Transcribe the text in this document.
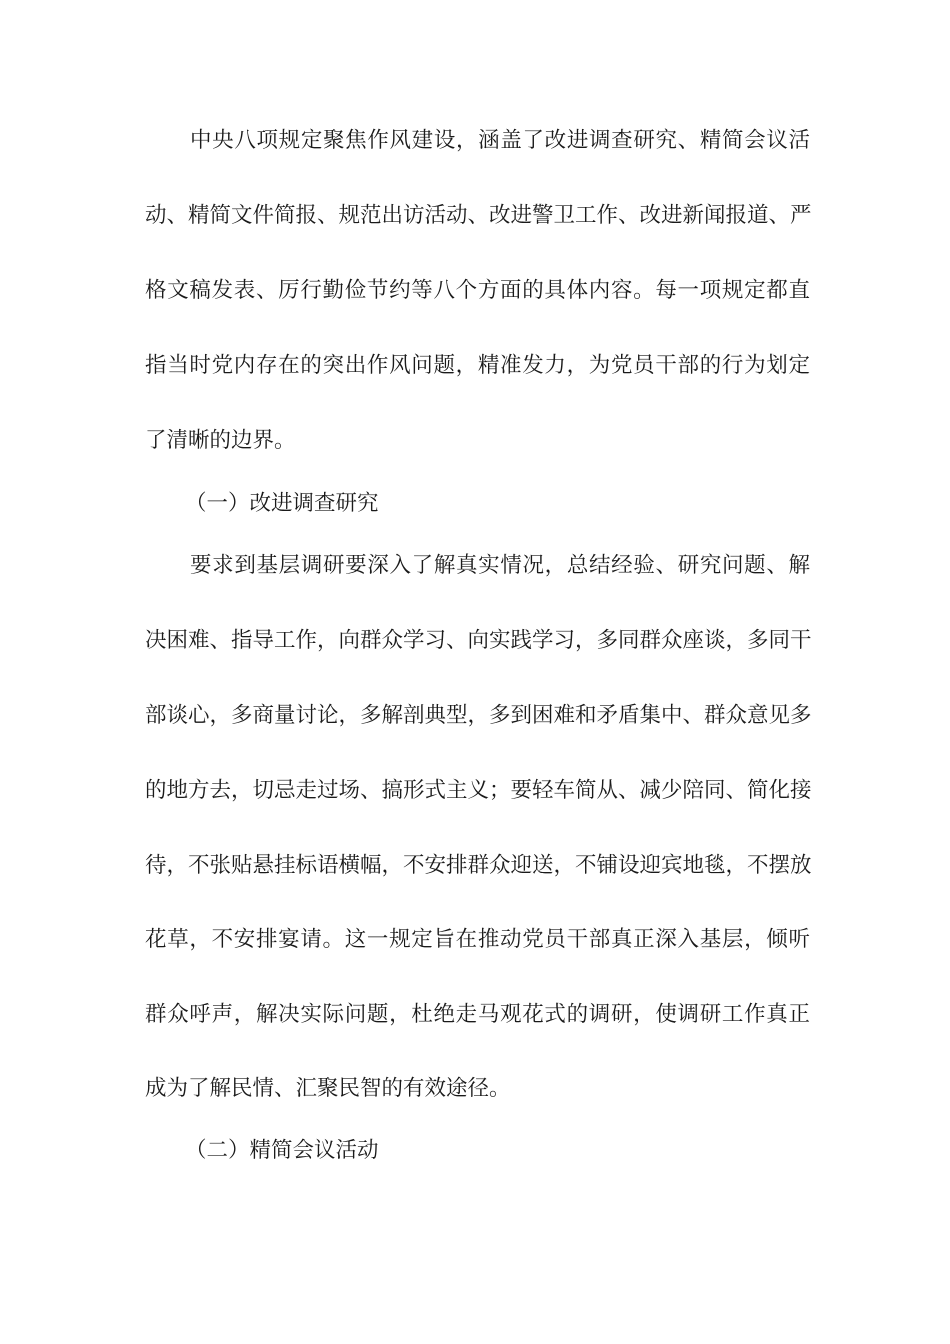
中央八项规定聚焦作风建设，涵盖了改进调查研究、精简会议活
动、精简文件简报、规范出访活动、改进警卫工作、改进新闻报道、严
格文稿发表、厉行勤俭节约等八个方面的具体内容。每一项规定都直
指当时党内存在的突出作风问题，精准发力，为党员干部的行为划定
了清晰的边界。
（一）改进调查研究
要求到基层调研要深入了解真实情况，总结经验、研究问题、解
决困难、指导工作，向群众学习、向实践学习，多同群众座谈，多同干
部谈心，多商量讨论，多解剖典型，多到困难和矛盾集中、群众意见多
的地方去，切忌走过场、搞形式主义；要轻车简从、减少陪同、简化接
待，不张贴悬挂标语横幅，不安排群众迎送，不铺设迎宾地毯，不摆放
花草，不安排宴请。这一规定旨在推动党员干部真正深入基层，倾听
群众呼声，解决实际问题，杜绝走马观花式的调研，使调研工作真正
成为了解民情、汇聚民智的有效途径。
（二）精简会议活动
